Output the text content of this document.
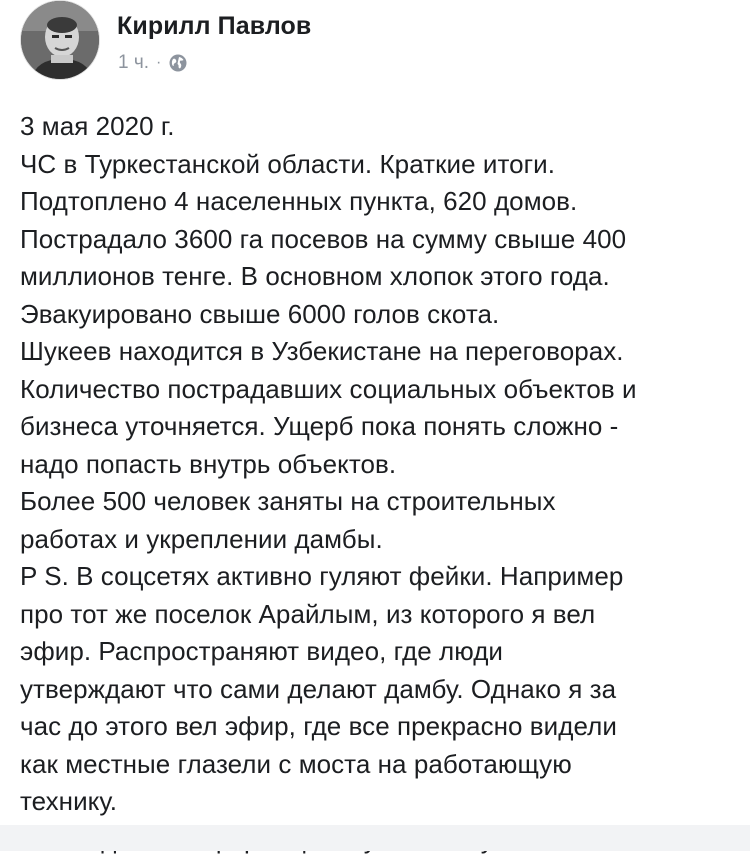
Кирилл Павлов
1 ч. ·
3 мая 2020 г.
ЧС в Туркестанской области. Краткие итоги.
Подтоплено 4 населенных пункта, 620 домов.
Пострадало 3600 га посевов на сумму свыше 400
миллионов тенге. В основном хлопок этого года.
Эвакуировано свыше 6000 голов скота.
Шукеев находится в Узбекистане на переговорах.
Количество пострадавших социальных объектов и
бизнеса уточняется. Ущерб пока понять сложно -
надо попасть внутрь объектов.
Более 500 человек заняты на строительных
работах и укреплении дамбы.
P S. В соцсетях активно гуляют фейки. Например
про тот же поселок Арайлым, из которого я вел
эфир. Распространяют видео, где люди
утверждают что сами делают дамбу. Однако я за
час до этого вел эфир, где все прекрасно видели
как местные глазели с моста на работающую
технику.
